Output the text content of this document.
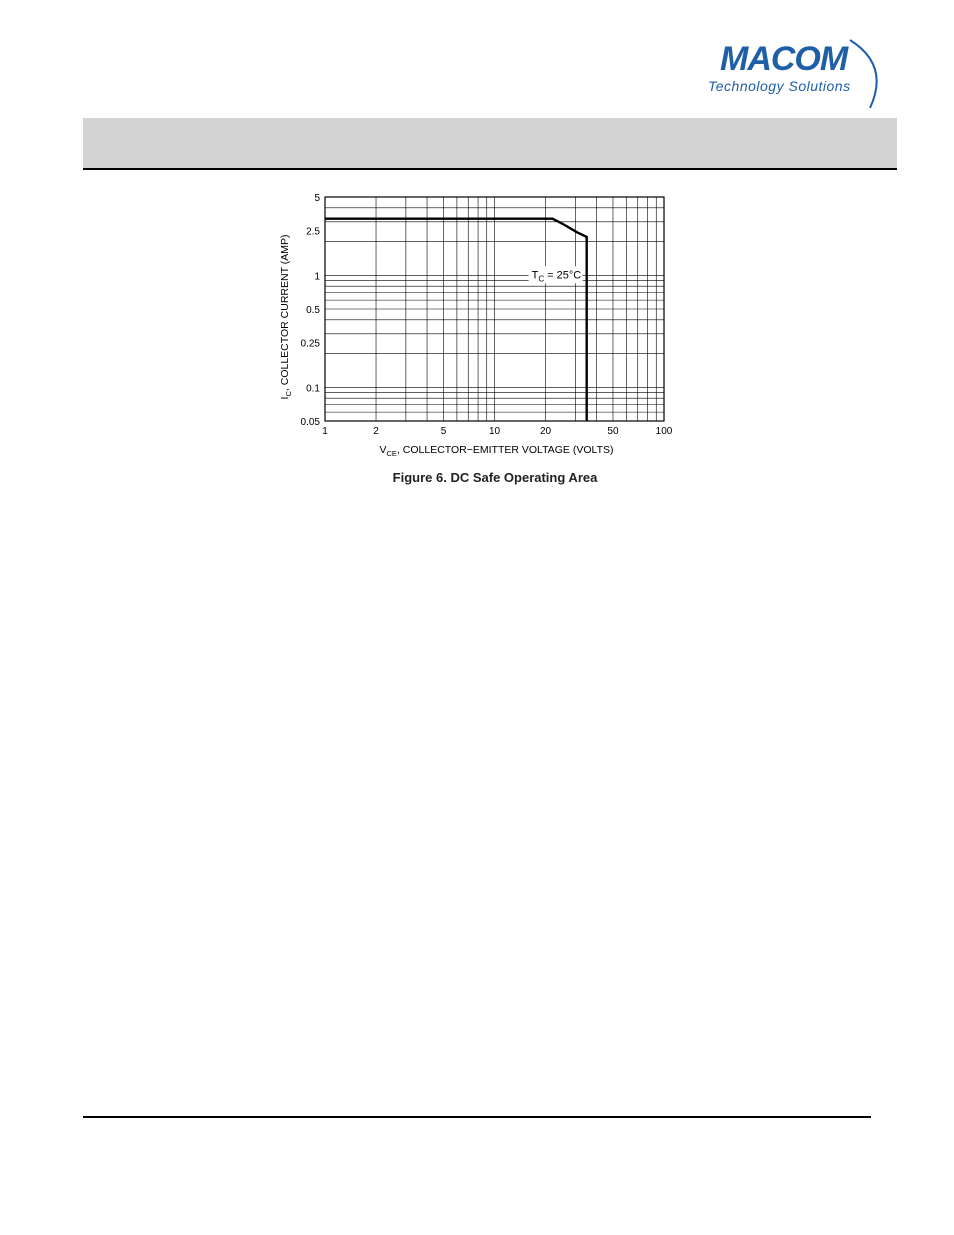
MACOM
Technology Solutions
0.05
0.1
0.25
0.5
1
2.5
5
1	2	5	10	20	50	100
$T_C = 25^\circ C$
$V_{CE}$, COLLECTOR−EMITTER VOLTAGE (VOLTS)
$I_C$, COLLECTOR CURRENT (AMP)
Figure 6. DC Safe Operating Area
